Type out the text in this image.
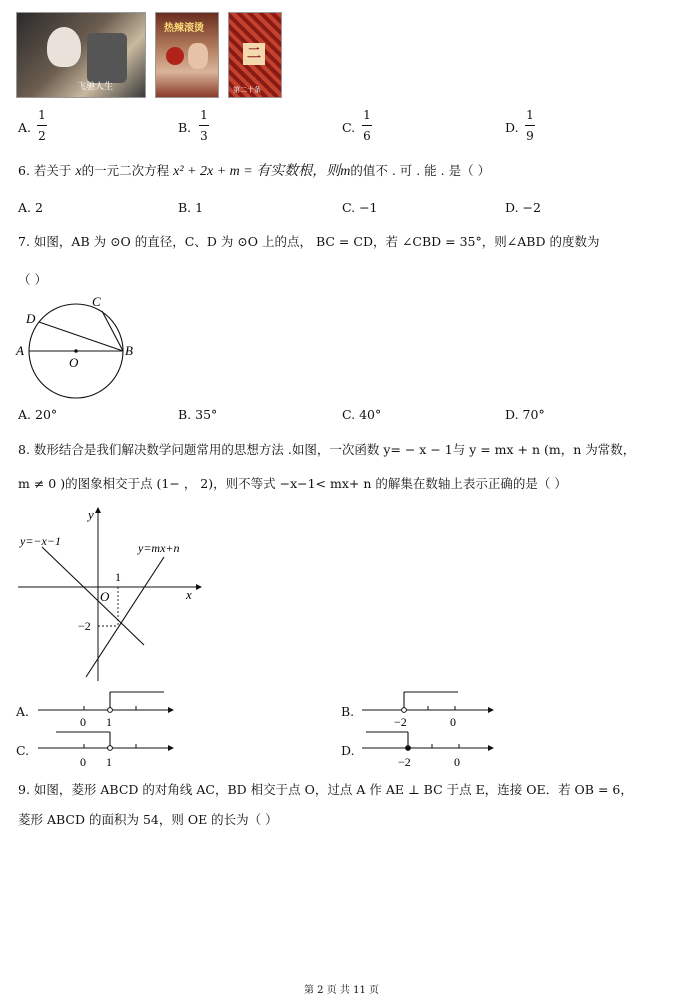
飞驰人生
热辣滚烫
二
第二十条
A.
1
2
B.
1
3
C.
1
6
D.
1
9
6. 若关于 x的一元二次方程 x² + 2x + m = 有实数根，则m的值不 . 可 . 能 . 是（ ）
A. 2	B. 1	C. −1	D. −2
7. 如图，AB 为 ⊙O 的直径，C、D 为 ⊙O 上的点， BC = CD，若 ∠CBD = 35°，则∠ABD 的度数为
（ ）
A	B
C
D
O
A. 20°	B. 35°	C. 40°	D. 70°
8. 数形结合是我们解决数学问题常用的思想方法 .如图，一次函数 y= − x − 1与 y = mx + n (m，n 为常数，
m ≠ 0 )的图象相交于点 (1− ， 2)，则不等式 −x−1< mx+ n 的解集在数轴上表示正确的是（ ）
y
x
O
y=−x−1	y=mx+n
1
−2
A.
0 1
B.
−2	0
C.
0 1
D.
−2	0
9. 如图，菱形 ABCD 的对角线 AC，BD 相交于点 O，过点 A 作 AE ⊥ BC 于点 E，连接 OE．若 OB = 6，
菱形 ABCD 的面积为 54，则 OE 的长为（ ）
第 2 页 共 11 页
